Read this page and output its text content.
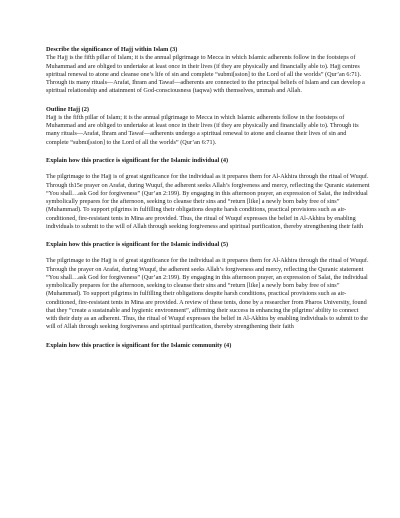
Describe the significance of Hajj within Islam (3)

The Hajj is the fifth pillar of Islam; it is the annual pilgrimage to Mecca in which Islamic adherents follow in the footsteps of Muhammad and are obliged to undertake at least once in their lives (if they are physically and financially able to). Hajj centres spiritual renewal to atone and cleanse one’s life of sin and complete “submi[ssion] to the Lord of all the worlds” (Qur’an 6:71). Through its many rituals—Arafat, Ihram and Tawaf—adherents are connected to the principal beliefs of Islam and can develop a spiritual relationship and attainment of God-consciousness (taqwa) with themselves, ummah and Allah.

Outline Hajj (2)

Hajj is the fifth pillar of Islam; it is the annual pilgrimage to Mecca in which Islamic adherents follow in the footsteps of Muhammad and are obliged to undertake at least once in their lives (if they are physically and financially able to). Through its many rituals—Arafat, Ihram and Tawaf—adherents undergo a spiritual renewal to atone and cleanse their lives of sin and complete “submi[ssion] to the Lord of all the worlds” (Qur’an 6:71).

Explain how this practice is significant for the Islamic individual (4)

The pilgrimage to the Hajj is of great significance for the individual as it prepares them for Al-Akhira through the ritual of Wuquf. Through th15e prayer on Arafat, during Wuquf, the adherent seeks Allah’s forgiveness and mercy, reflecting the Quranic statement “You shall…ask God for forgiveness” (Qur’an 2:199). By engaging in this afternoon prayer, an expression of Salat, the individual symbolically prepares for the afternoon, seeking to cleanse their sins and “return [like] a newly born baby free of sins” (Muhammad). To support pilgrims in fulfilling their obligations despite harsh conditions, practical provisions such as air-conditioned, fire-resistant tents in Mina are provided. Thus, the ritual of Wuquf expresses the belief in Al-Akhira by enabling individuals to submit to the will of Allah through seeking forgiveness and spiritual purification, thereby strengthening their faith

Explain how this practice is significant for the Islamic individual (5)

The pilgrimage to the Hajj is of great significance for the individual as it prepares them for Al-Akhira through the ritual of Wuquf. Through the prayer on Arafat, during Wuquf, the adherent seeks Allah’s forgiveness and mercy, reflecting the Quranic statement “You shall…ask God for forgiveness” (Qur’an 2:199). By engaging in this afternoon prayer, an expression of Salat, the individual symbolically prepares for the afternoon, seeking to cleanse their sins and “return [like] a newly born baby free of sins” (Muhammad). To support pilgrims in fulfilling their obligations despite harsh conditions, practical provisions such as air-conditioned, fire-resistant tents in Mina are provided. A review of these tents, done by a researcher from Pharos University, found that they “create a sustainable and hygienic environment”, affirming their success in enhancing the pilgrims' ability to connect with their duty as an adherent. Thus, the ritual of Wuquf expresses the belief in Al-Akhira by enabling individuals to submit to the will of Allah through seeking forgiveness and spiritual purification, thereby strengthening their faith

Explain how this practice is significant for the Islamic community (4)
